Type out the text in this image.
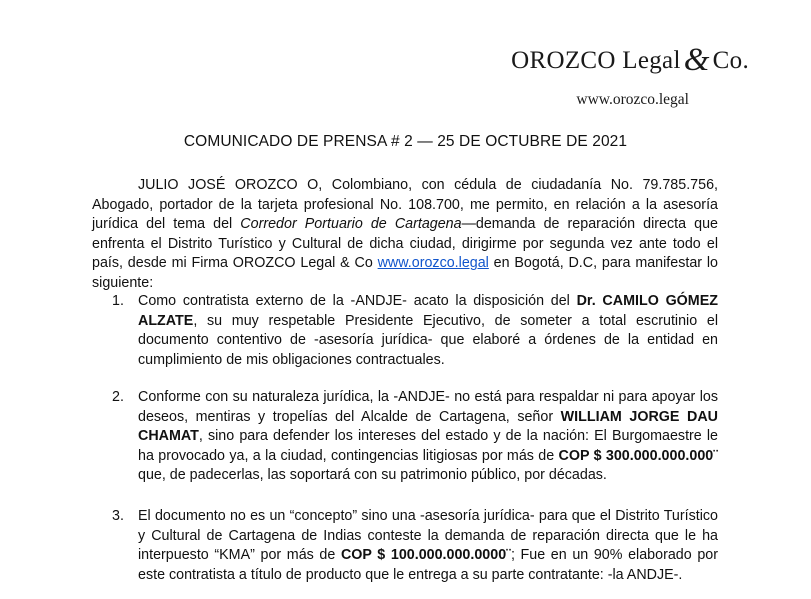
OROZCO Legal& Co.
www.orozco.legal
COMUNICADO DE PRENSA # 2 — 25 DE OCTUBRE DE 2021
JULIO JOSÉ OROZCO O, Colombiano, con cédula de ciudadanía No. 79.785.756, Abogado, portador de la tarjeta profesional No. 108.700, me permito, en relación a la asesoría jurídica del tema del Corredor Portuario de Cartagena—demanda de reparación directa que enfrenta el Distrito Turístico y Cultural de dicha ciudad, dirigirme por segunda vez ante todo el país, desde mi Firma OROZCO Legal & Co www.orozco.legal en Bogotá, D.C, para manifestar lo siguiente:
1. Como contratista externo de la -ANDJE- acato la disposición del Dr. CAMILO GÓMEZ ALZATE, su muy respetable Presidente Ejecutivo, de someter a total escrutinio el documento contentivo de -asesoría jurídica- que elaboré a órdenes de la entidad en cumplimiento de mis obligaciones contractuales.
2. Conforme con su naturaleza jurídica, la -ANDJE- no está para respaldar ni para apoyar los deseos, mentiras y tropelías del Alcalde de Cartagena, señor WILLIAM JORGE DAU CHAMAT, sino para defender los intereses del estado y de la nación: El Burgomaestre le ha provocado ya, a la ciudad, contingencias litigiosas por más de COP $ 300.000.000.000¨ que, de padecerlas, las soportará con su patrimonio público, por décadas.
3. El documento no es un “concepto” sino una -asesoría jurídica- para que el Distrito Turístico y Cultural de Cartagena de Indias conteste la demanda de reparación directa que le ha interpuesto “KMA” por más de COP $ 100.000.000.0000¨; Fue en un 90% elaborado por este contratista a título de producto que le entrega a su parte contratante: -la ANDJE-.
